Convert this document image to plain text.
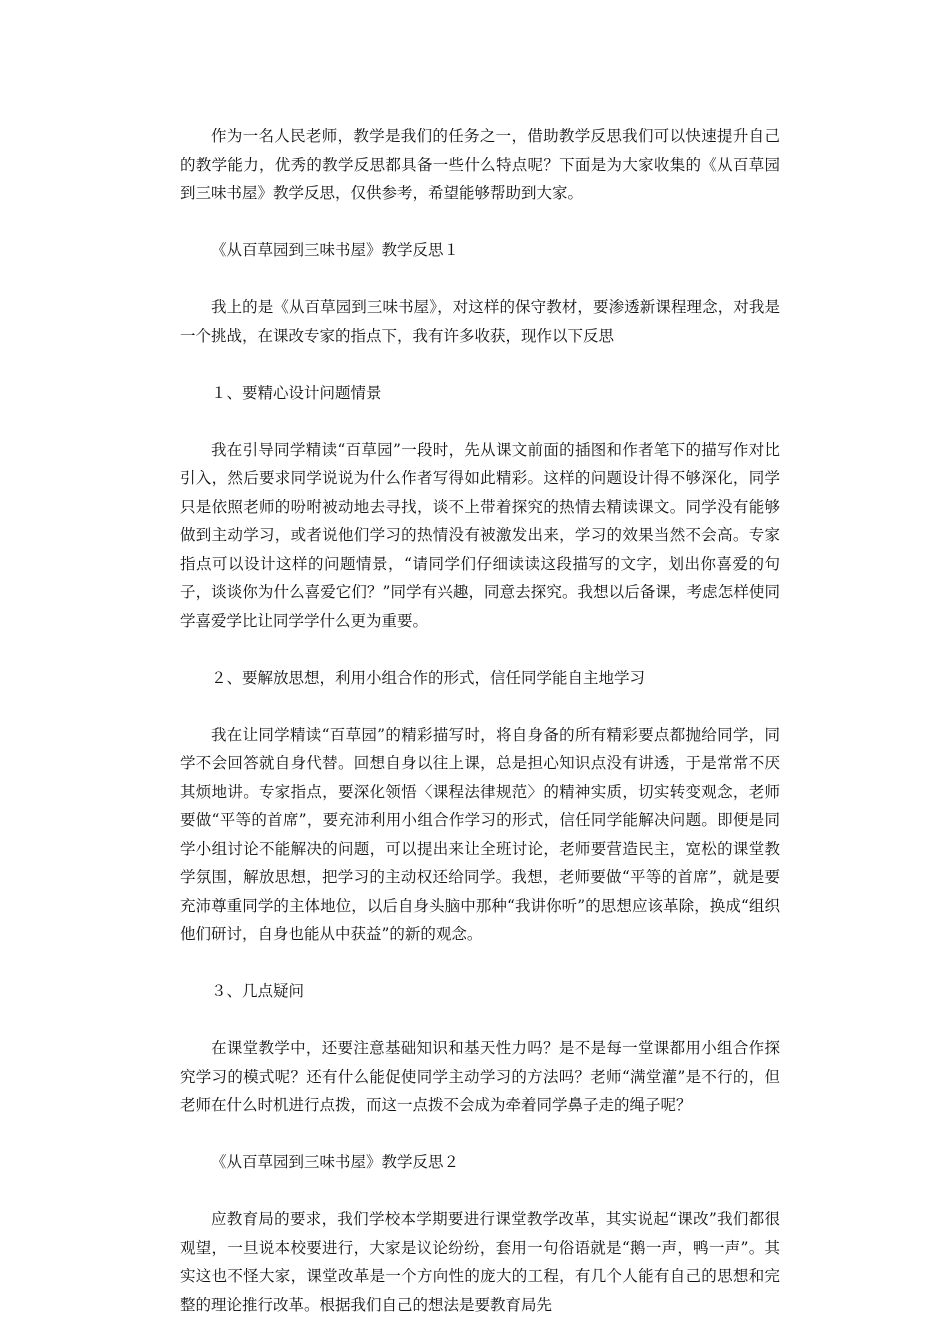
作为一名人民老师，教学是我们的任务之一，借助教学反思我们可以快速提升自己的教学能力，优秀的教学反思都具备一些什么特点呢？下面是为大家收集的《从百草园到三味书屋》教学反思，仅供参考，希望能够帮助到大家。

《从百草园到三味书屋》教学反思１

我上的是《从百草园到三味书屋》，对这样的保守教材，要渗透新课程理念，对我是一个挑战，在课改专家的指点下，我有许多收获，现作以下反思

１、要精心设计问题情景

我在引导同学精读“百草园”一段时，先从课文前面的插图和作者笔下的描写作对比引入，然后要求同学说说为什么作者写得如此精彩。这样的问题设计得不够深化，同学只是依照老师的吩咐被动地去寻找，谈不上带着探究的热情去精读课文。同学没有能够做到主动学习，或者说他们学习的热情没有被激发出来，学习的效果当然不会高。专家指点可以设计这样的问题情景，“请同学们仔细读读这段描写的文字，划出你喜爱的句子，谈谈你为什么喜爱它们？”同学有兴趣，同意去探究。我想以后备课，考虑怎样使同学喜爱学比让同学学什么更为重要。

２、要解放思想，利用小组合作的形式，信任同学能自主地学习

我在让同学精读“百草园”的精彩描写时，将自身备的所有精彩要点都抛给同学，同学不会回答就自身代替。回想自身以往上课，总是担心知识点没有讲透，于是常常不厌其烦地讲。专家指点，要深化领悟〈课程法律规范〉的精神实质，切实转变观念，老师要做“平等的首席”，要充沛利用小组合作学习的形式，信任同学能解决问题。即便是同学小组讨论不能解决的问题，可以提出来让全班讨论，老师要营造民主，宽松的课堂教学氛围，解放思想，把学习的主动权还给同学。我想，老师要做“平等的首席”，就是要充沛尊重同学的主体地位，以后自身头脑中那种“我讲你听”的思想应该革除，换成“组织他们研讨，自身也能从中获益”的新的观念。

３、几点疑问

在课堂教学中，还要注意基础知识和基天性力吗？是不是每一堂课都用小组合作探究学习的模式呢？还有什么能促使同学主动学习的方法吗？老师“满堂灌”是不行的，但老师在什么时机进行点拨，而这一点拨不会成为牵着同学鼻子走的绳子呢？

《从百草园到三味书屋》教学反思２

应教育局的要求，我们学校本学期要进行课堂教学改革，其实说起“课改”我们都很观望，一旦说本校要进行，大家是议论纷纷，套用一句俗语就是“鹅一声，鸭一声”。其实这也不怪大家，课堂改革是一个方向性的庞大的工程，有几个人能有自己的思想和完整的理论推行改革。根据我们自己的想法是要教育局先
